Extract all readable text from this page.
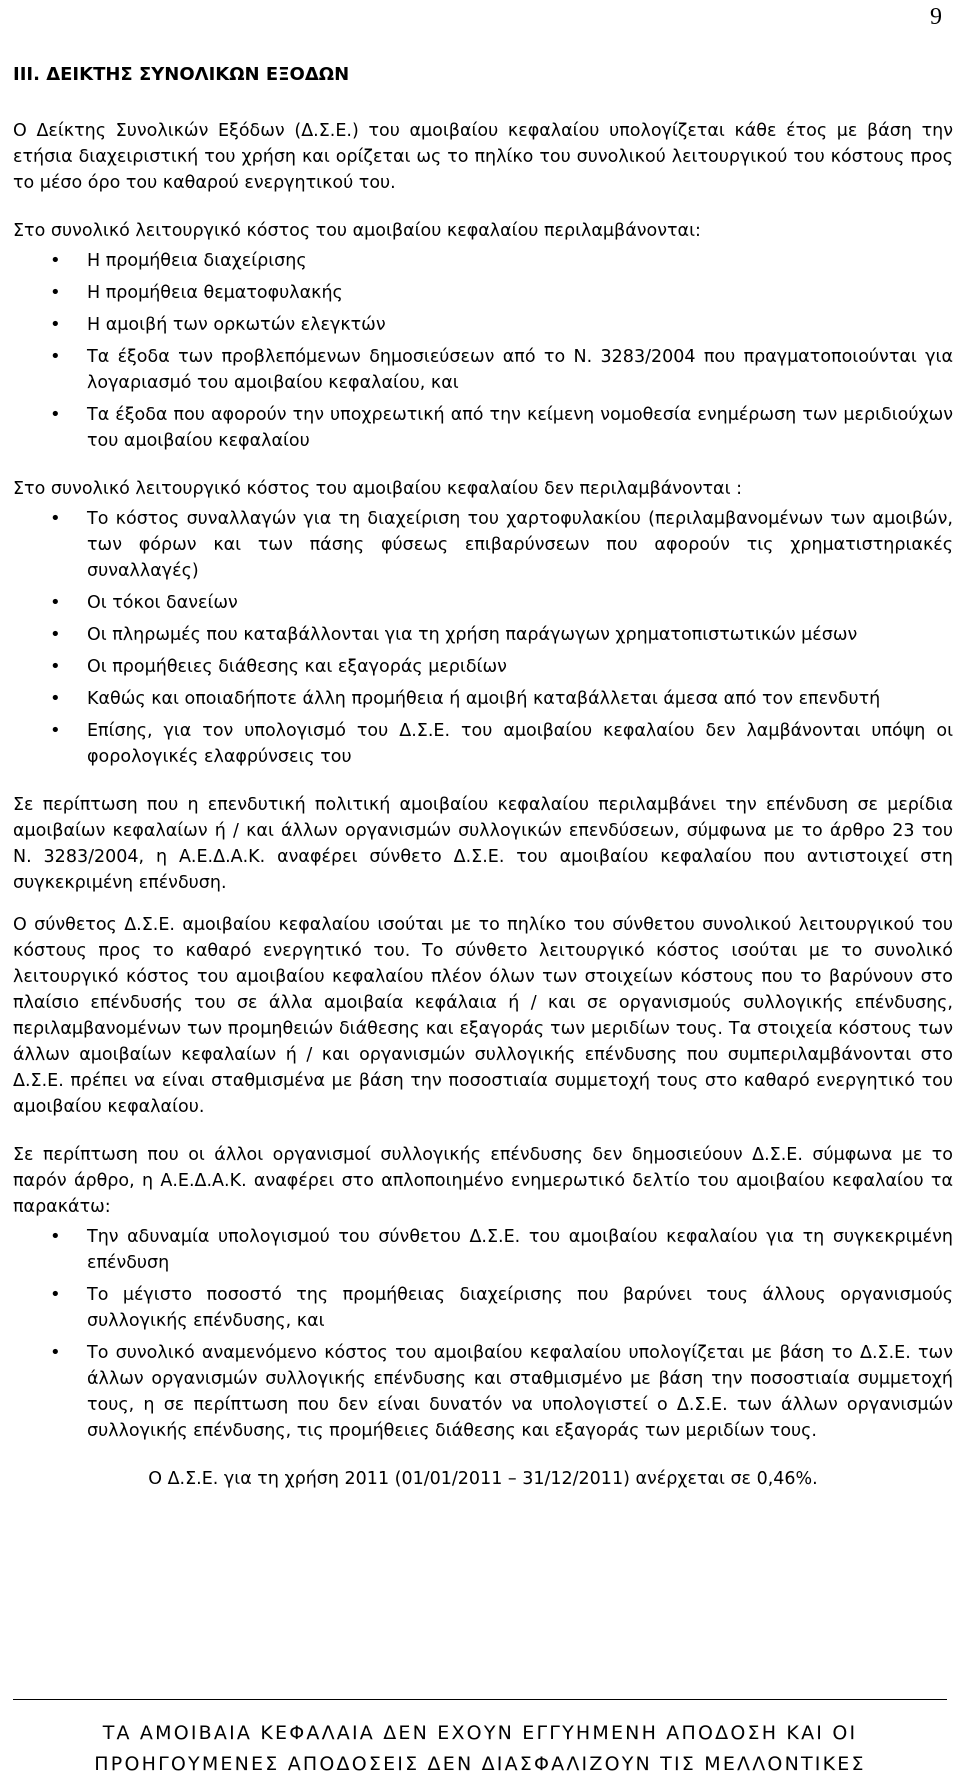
9
III. ΔΕΙΚΤΗΣ ΣΥΝΟΛΙΚΩΝ ΕΞΟΔΩΝ

Ο Δείκτης Συνολικών Εξόδων (Δ.Σ.Ε.) του αμοιβαίου κεφαλαίου υπολογίζεται κάθε έτος με βάση την ετήσια διαχειριστική του χρήση και ορίζεται ως το πηλίκο του συνολικού λειτουργικού του κόστους προς το μέσο όρο του καθαρού ενεργητικού του.

Στο συνολικό λειτουργικό κόστος του αμοιβαίου κεφαλαίου περιλαμβάνονται:

• Η προμήθεια διαχείρισης
• Η προμήθεια θεματοφυλακής
• Η αμοιβή των ορκωτών ελεγκτών
• Τα έξοδα των προβλεπόμενων δημοσιεύσεων από το Ν. 3283/2004 που πραγματοποιούνται για λογαριασμό του αμοιβαίου κεφαλαίου, και
• Τα έξοδα που αφορούν την υποχρεωτική από την κείμενη νομοθεσία ενημέρωση των μεριδιούχων του αμοιβαίου κεφαλαίου

Στο συνολικό λειτουργικό κόστος του αμοιβαίου κεφαλαίου δεν περιλαμβάνονται :

• Το κόστος συναλλαγών για τη διαχείριση του χαρτοφυλακίου (περιλαμβανομένων των αμοιβών, των φόρων και των πάσης φύσεως επιβαρύνσεων που αφορούν τις χρηματιστηριακές συναλλαγές)
• Οι τόκοι δανείων
• Οι πληρωμές που καταβάλλονται για τη χρήση παράγωγων χρηματοπιστωτικών μέσων
• Οι προμήθειες διάθεσης και εξαγοράς μεριδίων
• Καθώς και οποιαδήποτε άλλη προμήθεια ή αμοιβή καταβάλλεται άμεσα από τον επενδυτή
• Επίσης, για τον υπολογισμό του Δ.Σ.Ε. του αμοιβαίου κεφαλαίου δεν λαμβάνονται υπόψη οι φορολογικές ελαφρύνσεις του

Σε περίπτωση που η επενδυτική πολιτική αμοιβαίου κεφαλαίου περιλαμβάνει την επένδυση σε μερίδια αμοιβαίων κεφαλαίων ή / και άλλων οργανισμών συλλογικών επενδύσεων, σύμφωνα με το άρθρο 23 του Ν. 3283/2004, η Α.Ε.Δ.Α.Κ. αναφέρει σύνθετο Δ.Σ.Ε. του αμοιβαίου κεφαλαίου που αντιστοιχεί στη συγκεκριμένη επένδυση.

Ο σύνθετος Δ.Σ.Ε. αμοιβαίου κεφαλαίου ισούται με το πηλίκο του σύνθετου συνολικού λειτουργικού του κόστους προς το καθαρό ενεργητικό του. Το σύνθετο λειτουργικό κόστος ισούται με το συνολικό λειτουργικό κόστος του αμοιβαίου κεφαλαίου πλέον όλων των στοιχείων κόστους που το βαρύνουν στο πλαίσιο επένδυσής του σε άλλα αμοιβαία κεφάλαια ή / και σε οργανισμούς συλλογικής επένδυσης, περιλαμβανομένων των προμηθειών διάθεσης και εξαγοράς των μεριδίων τους. Τα στοιχεία κόστους των άλλων αμοιβαίων κεφαλαίων ή / και οργανισμών συλλογικής επένδυσης που συμπεριλαμβάνονται στο Δ.Σ.Ε. πρέπει να είναι σταθμισμένα με βάση την ποσοστιαία συμμετοχή τους στο καθαρό ενεργητικό του αμοιβαίου κεφαλαίου.

Σε περίπτωση που οι άλλοι οργανισμοί συλλογικής επένδυσης δεν δημοσιεύουν Δ.Σ.Ε. σύμφωνα με το παρόν άρθρο, η Α.Ε.Δ.Α.Κ. αναφέρει στο απλοποιημένο ενημερωτικό δελτίο του αμοιβαίου κεφαλαίου τα παρακάτω:

• Την αδυναμία υπολογισμού του σύνθετου Δ.Σ.Ε. του αμοιβαίου κεφαλαίου για τη συγκεκριμένη επένδυση
• Το μέγιστο ποσοστό της προμήθειας διαχείρισης που βαρύνει τους άλλους οργανισμούς συλλογικής επένδυσης, και
• Το συνολικό αναμενόμενο κόστος του αμοιβαίου κεφαλαίου υπολογίζεται με βάση το Δ.Σ.Ε. των άλλων οργανισμών συλλογικής επένδυσης και σταθμισμένο με βάση την ποσοστιαία συμμετοχή τους, η σε περίπτωση που δεν είναι δυνατόν να υπολογιστεί ο Δ.Σ.Ε. των άλλων οργανισμών συλλογικής επένδυσης, τις προμήθειες διάθεσης και εξαγοράς των μεριδίων τους.

Ο Δ.Σ.Ε. για τη χρήση 2011 (01/01/2011 – 31/12/2011) ανέρχεται σε 0,46%.

ΤΑ ΑΜΟΙΒΑΙΑ ΚΕΦΑΛΑΙΑ ΔΕΝ ΕΧΟΥΝ ΕΓΓΥΗΜΕΝΗ ΑΠΟΔΟΣΗ ΚΑΙ ΟΙ
ΠΡΟΗΓΟΥΜΕΝΕΣ ΑΠΟΔΟΣΕΙΣ ΔΕΝ ΔΙΑΣΦΑΛΙΖΟΥΝ ΤΙΣ ΜΕΛΛΟΝΤΙΚΕΣ
